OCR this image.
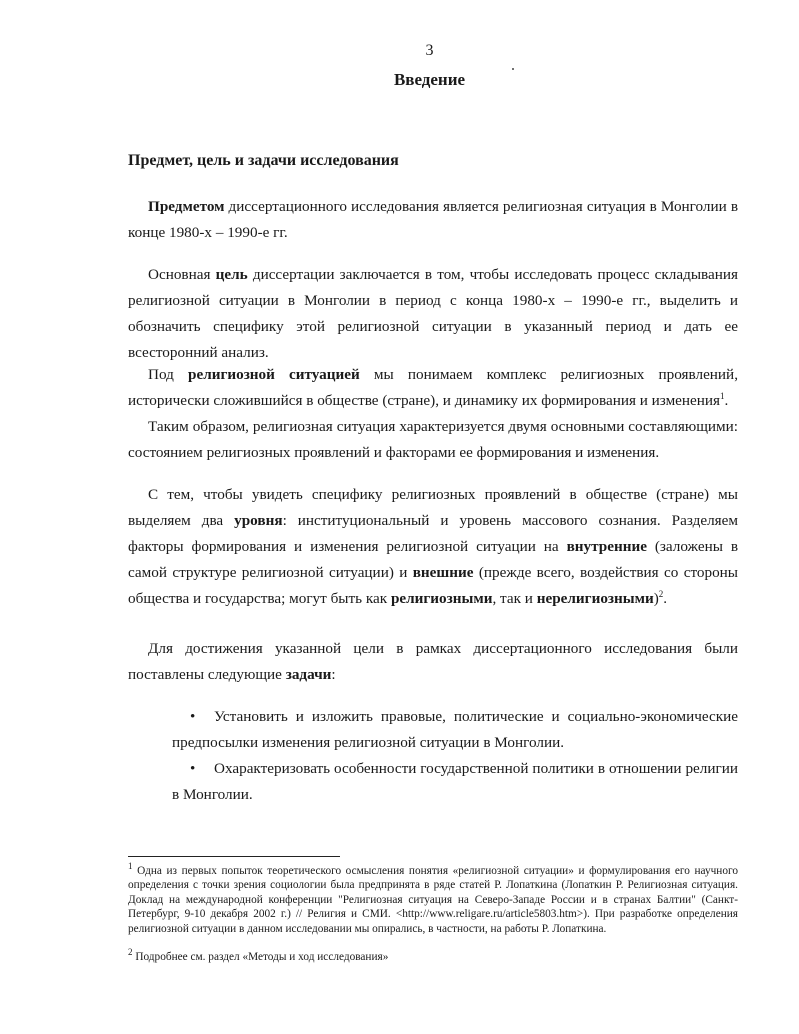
3
Введение
Предмет, цель и задачи исследования
Предметом диссертационного исследования является религиозная ситуация в Монголии в конце 1980-х – 1990-е гг.
Основная цель диссертации заключается в том, чтобы исследовать процесс складывания религиозной ситуации в Монголии в период с конца 1980-х – 1990-е гг., выделить и обозначить специфику этой религиозной ситуации в указанный период и дать ее всесторонний анализ.
Под религиозной ситуацией мы понимаем комплекс религиозных проявлений, исторически сложившийся в обществе (стране), и динамику их формирования и изменения$^1$.
Таким образом, религиозная ситуация характеризуется двумя основными составляющими: состоянием религиозных проявлений и факторами ее формирования и изменения.
С тем, чтобы увидеть специфику религиозных проявлений в обществе (стране) мы выделяем два уровня: институциональный и уровень массового сознания. Разделяем факторы формирования и изменения религиозной ситуации на внутренние (заложены в самой структуре религиозной ситуации) и внешние (прежде всего, воздействия со стороны общества и государства; могут быть как религиозными, так и нерелигиозными)$^2$.
Для достижения указанной цели в рамках диссертационного исследования были поставлены следующие задачи:
•	Установить и изложить правовые, политические и социально-экономические предпосылки изменения религиозной ситуации в Монголии.
•	Охарактеризовать особенности государственной политики в отношении религии в Монголии.
$^1$ Одна из первых попыток теоретического осмысления понятия «религиозной ситуации» и формулирования его научного определения с точки зрения социологии была предпринята в ряде статей Р. Лопаткина (Лопаткин Р. Религиозная ситуация. Доклад на международной конференции "Религиозная ситуация на Северо-Западе России и в странах Балтии" (Санкт-Петербург, 9-10 декабря 2002 г.) // Религия и СМИ. <http://www.religare.ru/article5803.htm>). При разработке определения религиозной ситуации в данном исследовании мы опирались, в частности, на работы Р. Лопаткина.
$^2$ Подробнее см. раздел «Методы и ход исследования»
